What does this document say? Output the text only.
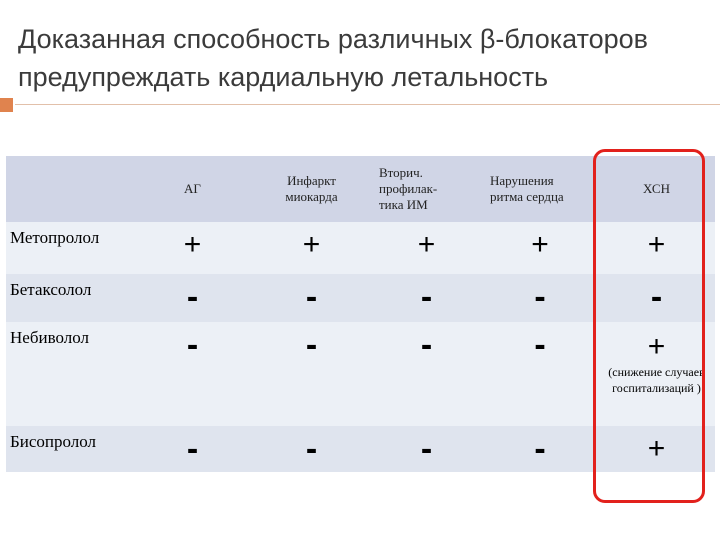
Доказанная способность различных β-блокаторов
предупреждать кардиальную летальность

	АГ	Инфаркт миокарда	Вторич. профилак-тика ИМ	Нарушения ритма сердца	ХСН

Метопролол	+	+	+	+	+
Бетаксолол	-	-	-	-	-
Небиволол	-	-	-	-	+
(снижение случаев госпитализаций )

Бисопролол	-	-	-	-	+
